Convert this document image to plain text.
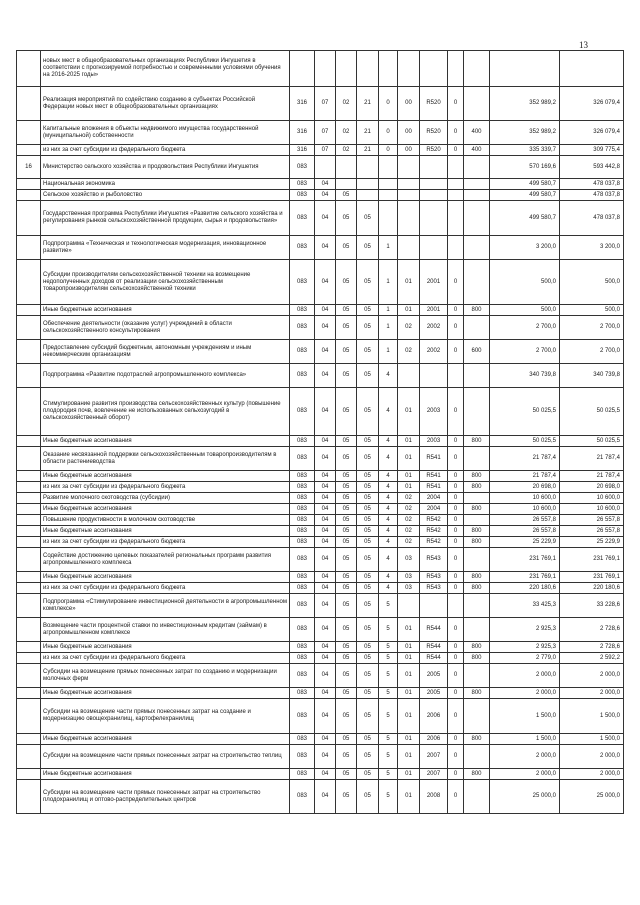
13
	новых мест в общеобразовательных организациях Республики Ингушетия в соответствии с прогнозируемой потребностью и современными условиями обучения на 2016-2025 годы»											
	Реализация мероприятий по содействию созданию в субъектах Российской Федерации новых мест в общеобразовательных организациях	316	07	02	21	0	00	R520	0		352 989,2	326 079,4
	Капитальные вложения в объекты недвижимого имущества государственной (муниципальной) собственности	316	07	02	21	0	00	R520	0	400	352 989,2	326 079,4
	из них за счет субсидии из федерального бюджета	316	07	02	21	0	00	R520	0	400	335 339,7	309 775,4
16	Министерство сельского хозяйства и продовольствия Республики Ингушетия	083									570 169,6	593 442,8
	Национальная экономика	083	04								499 580,7	478 037,8
	Сельское хозяйство и рыболовство	083	04	05							499 580,7	478 037,8
	Государственная программа Республики Ингушетия «Развитие сельского хозяйства и регулирования рынков сельскохозяйственной продукции, сырья и продовольствия»	083	04	05	05						499 580,7	478 037,8
	Подпрограмма «Техническая и технологическая модернизация, инновационное развитие»	083	04	05	05	1					3 200,0	3 200,0
	Субсидии производителям сельскохозяйственной техники на возмещение недополученных доходов от реализации сельскохозяйственным товаропроизводителям сельскохозяйственной техники	083	04	05	05	1	01	2001	0		500,0	500,0
	Иные бюджетные ассигнования	083	04	05	05	1	01	2001	0	800	500,0	500,0
	Обеспечение деятельности (оказание услуг) учреждений в области сельскохозяйственного консультирования	083	04	05	05	1	02	2002	0		2 700,0	2 700,0
	Предоставление субсидий бюджетным, автономным учреждениям и иным некоммерческим организациям	083	04	05	05	1	02	2002	0	600	2 700,0	2 700,0
	Подпрограмма «Развитие подотраслей агропромышленного комплекса»	083	04	05	05	4					340 739,8	340 739,8
	Стимулирование развития производства сельскохозяйственных культур (повышение плодородия почв, вовлечение не использованных сельхозугодий в сельскохозяйственный оборот)	083	04	05	05	4	01	2003	0		50 025,5	50 025,5
	Иные бюджетные ассигнования	083	04	05	05	4	01	2003	0	800	50 025,5	50 025,5
	Оказание несвязанной поддержки сельскохозяйственным товаропроизводителям в области растениеводства	083	04	05	05	4	01	R541	0		21 787,4	21 787,4
	Иные бюджетные ассигнования	083	04	05	05	4	01	R541	0	800	21 787,4	21 787,4
	из них за счет субсидии из федерального бюджета	083	04	05	05	4	01	R541	0	800	20 698,0	20 698,0
	Развитие молочного скотоводства (субсидии)	083	04	05	05	4	02	2004	0		10 600,0	10 600,0
	Иные бюджетные ассигнования	083	04	05	05	4	02	2004	0	800	10 600,0	10 600,0
	Повышение продуктивности в молочном скотоводстве	083	04	05	05	4	02	R542	0		26 557,8	26 557,8
	Иные бюджетные ассигнования	083	04	05	05	4	02	R542	0	800	26 557,8	26 557,8
	из них за счет субсидии из федерального бюджета	083	04	05	05	4	02	R542	0	800	25 229,9	25 229,9
	Содействие достижению целевых показателей региональных программ развития агропромышленного комплекса	083	04	05	05	4	03	R543	0		231 769,1	231 769,1
	Иные бюджетные ассигнования	083	04	05	05	4	03	R543	0	800	231 769,1	231 769,1
	из них за счет субсидии из федерального бюджета	083	04	05	05	4	03	R543	0	800	220 180,6	220 180,6
	Подпрограмма «Стимулирование инвестиционной деятельности в агропромышленном комплексе»	083	04	05	05	5					33 425,3	33 228,6
	Возмещение части процентной ставки по инвестиционным кредитам (займам) в агропромышленном комплексе	083	04	05	05	5	01	R544	0		2 925,3	2 728,6
	Иные бюджетные ассигнования	083	04	05	05	5	01	R544	0	800	2 925,3	2 728,6
	из них за счет субсидии из федерального бюджета	083	04	05	05	5	01	R544	0	800	2 779,0	2 592,2
	Субсидии на возмещение прямых понесенных затрат по созданию и модернизации молочных ферм	083	04	05	05	5	01	2005	0		2 000,0	2 000,0
	Иные бюджетные ассигнования	083	04	05	05	5	01	2005	0	800	2 000,0	2 000,0
	Субсидии на возмещение части прямых понесенных затрат на создание и модернизацию овощехранилищ, картофелехранилищ	083	04	05	05	5	01	2006	0		1 500,0	1 500,0
	Иные бюджетные ассигнования	083	04	05	05	5	01	2006	0	800	1 500,0	1 500,0
	Субсидии на возмещение части прямых понесенных затрат на строительство теплиц	083	04	05	05	5	01	2007	0		2 000,0	2 000,0
	Иные бюджетные ассигнования	083	04	05	05	5	01	2007	0	800	2 000,0	2 000,0
	Субсидии на возмещение части прямых понесенных затрат на строительство плодохранилищ и оптово-распределительных центров	083	04	05	05	5	01	2008	0		25 000,0	25 000,0
